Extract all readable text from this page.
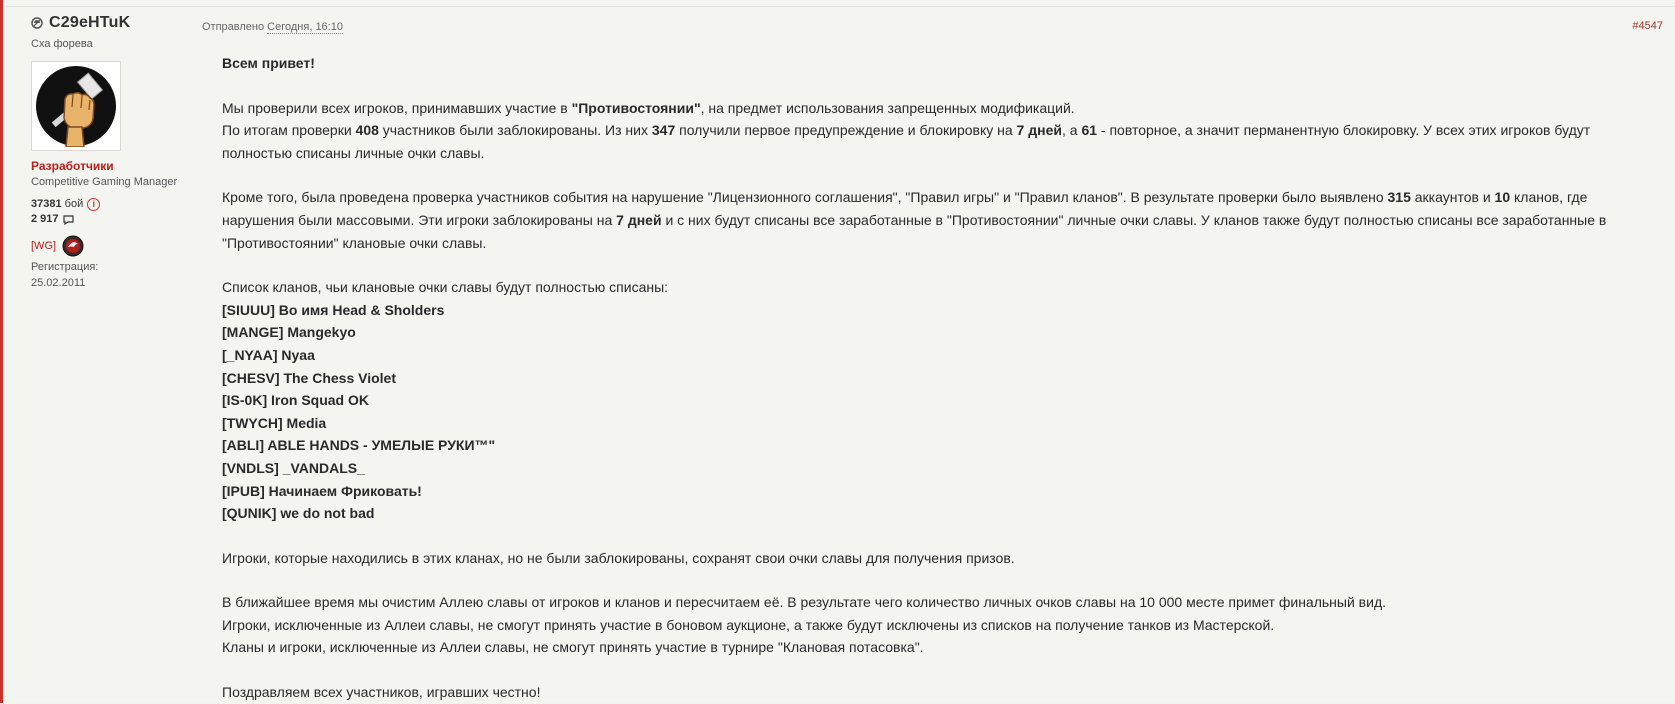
C29eHTuK
Сха форева
Разработчики
Competitive Gaming Manager
37381
бой	i
2 917
[WG]
Регистрация:
25.02.2011
Отправлено Сегодня, 16:10	#4547

Всем привет!

Мы проверили всех игроков, принимавших участие в "Противостоянии", на предмет использования запрещенных модификаций.

По итогам проверки 408 участников были заблокированы. Из них 347 получили первое предупреждение и блокировку на 7 дней, а 61 - повторное, а значит перманентную блокировку. У всех этих игроков будут

полностью списаны личные очки славы.

Кроме того, была проведена проверка участников события на нарушение "Лицензионного соглашения", "Правил игры" и "Правил кланов". В результате проверки было выявлено 315 аккаунтов и 10 кланов, где

нарушения были массовыми. Эти игроки заблокированы на 7 дней и с них будут списаны все заработанные в "Противостоянии" личные очки славы. У кланов также будут полностью списаны все заработанные в

"Противостоянии" клановые очки славы.

Список кланов, чьи клановые очки славы будут полностью списаны:

[SIUUU] Во имя Head & Sholders

[MANGE] Mangekyo

[_NYAA] Nyaa

[CHESV] The Chess Violet

[IS-0K] Iron Squad OK

[TWYCH] Media

[ABLI] ABLE HANDS - УМЕЛЫЕ РУКИ™"

[VNDLS] _VANDALS_

[IPUB] Начинаем Фриковать!

[QUNIK] we do not bad

Игроки, которые находились в этих кланах, но не были заблокированы, сохранят свои очки славы для получения призов.

В ближайшее время мы очистим Аллею славы от игроков и кланов и пересчитаем её. В результате чего количество личных очков славы на 10 000 месте примет финальный вид.

Игроки, исключенные из Аллеи славы, не смогут принять участие в боновом аукционе, а также будут исключены из списков на получение танков из Мастерской.

Кланы и игроки, исключенные из Аллеи славы, не смогут принять участие в турнире "Клановая потасовка".

Поздравляем всех участников, игравших честно!
